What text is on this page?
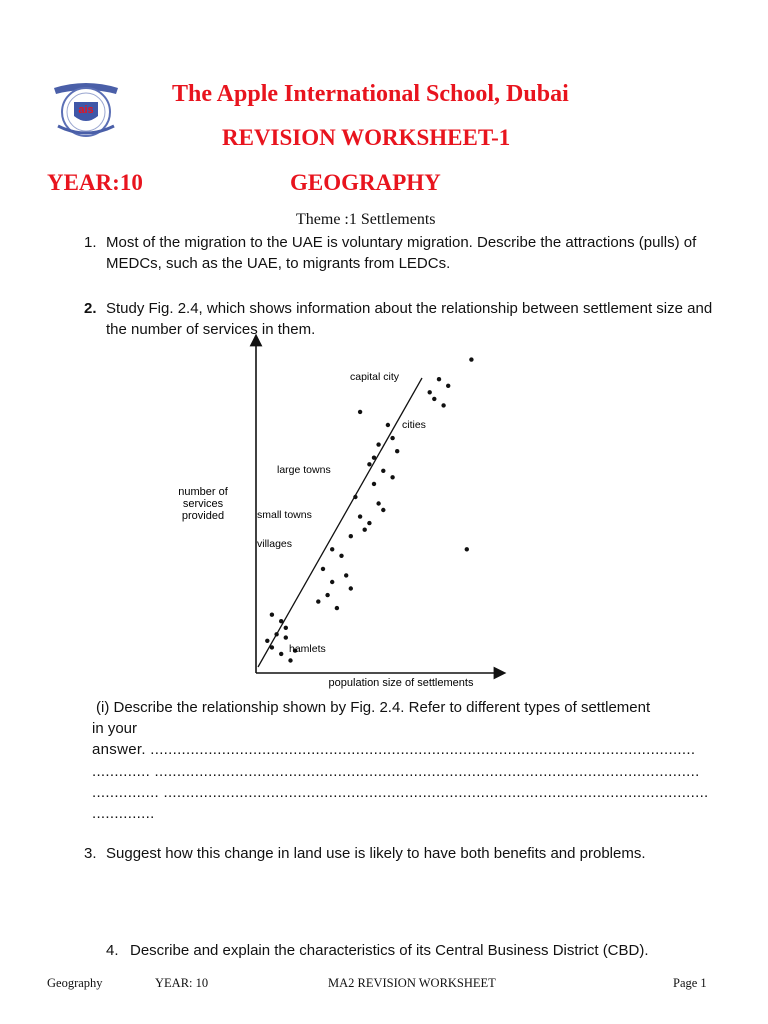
ais
The Apple International School, Dubai
REVISION WORKSHEET-1
YEAR:10	GEOGRAPHY
Theme :1 Settlements
1. Most of the migration to the UAE is voluntary migration. Describe the attractions (pulls) of MEDCs, such as the UAE, to migrants from LEDCs.
2. Study Fig. 2.4, which shows information about the relationship between settlement size and the number of services in them.
number of
services
provided
population size of settlements
capital city
cities
large towns
small towns
villages
hamlets
(i) Describe the relationship shown by Fig. 2.4. Refer to different types of settlement
in your
answer. ..........................................................................................................................
............. ..........................................................................................................................
............... ..........................................................................................................................
..............
3. Suggest how this change in land use is likely to have both benefits and problems.
4. Describe and explain the characteristics of its Central Business District (CBD).
Geography	YEAR: 10	MA2 REVISION WORKSHEET	Page 1
